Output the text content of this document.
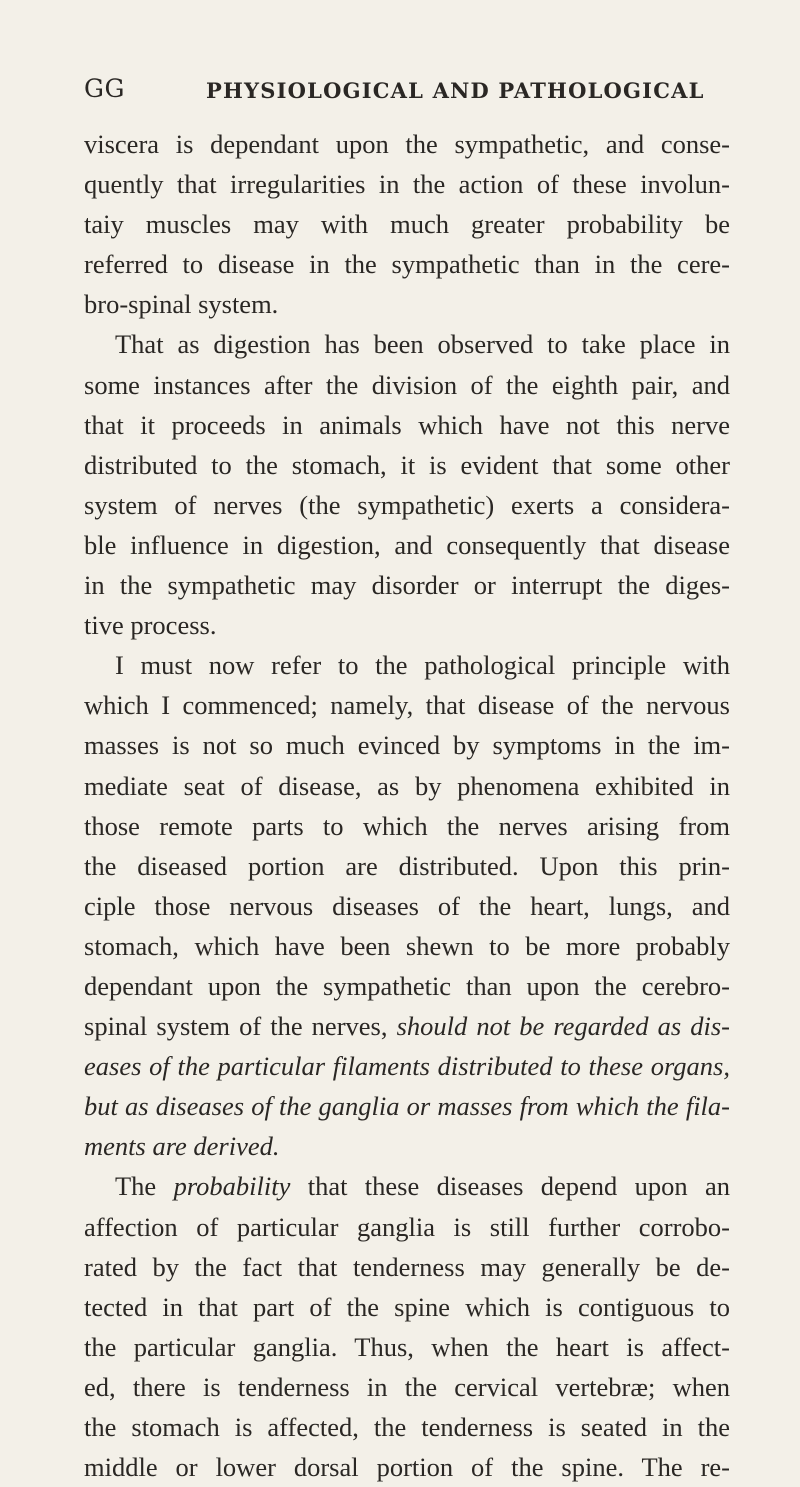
GG	PHYSIOLOGICAL AND PATHOLOGICAL
viscera is dependant upon the sympathetic, and conse-
quently that irregularities in the action of these involun-
taiy muscles may with much greater probability be
referred to disease in the sympathetic than in the cere-
bro-spinal system.
That as digestion has been observed to take place in
some instances after the division of the eighth pair, and
that it proceeds in animals which have not this nerve
distributed to the stomach, it is evident that some other
system of nerves (the sympathetic) exerts a considera-
ble influence in digestion, and consequently that disease
in the sympathetic may disorder or interrupt the diges-
tive process.
I must now refer to the pathological principle with
which I commenced; namely, that disease of the nervous
masses is not so much evinced by symptoms in the im-
mediate seat of disease, as by phenomena exhibited in
those remote parts to which the nerves arising from
the diseased portion are distributed. Upon this prin-
ciple those nervous diseases of the heart, lungs, and
stomach, which have been shewn to be more probably
dependant upon the sympathetic than upon the cerebro-
spinal system of the nerves, should not be regarded as dis-
eases of the particular filaments distributed to these organs,
but as diseases of the ganglia or masses from which the fila-
ments are derived.
The probability that these diseases depend upon an
affection of particular ganglia is still further corrobo-
rated by the fact that tenderness may generally be de-
tected in that part of the spine which is contiguous to
the particular ganglia. Thus, when the heart is affect-
ed, there is tenderness in the cervical vertebræ; when
the stomach is affected, the tenderness is seated in the
middle or lower dorsal portion of the spine. The re-
